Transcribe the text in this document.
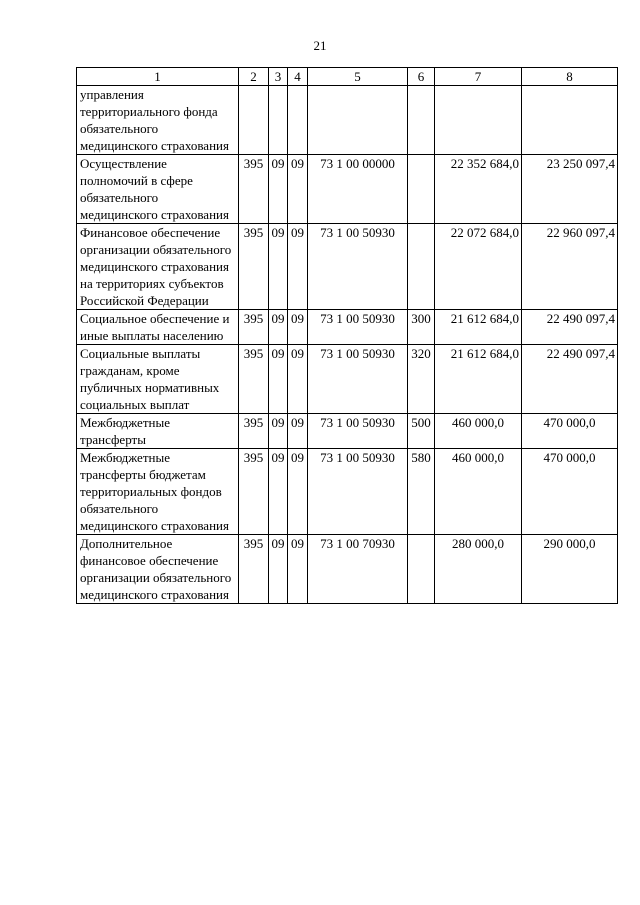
21
1	2	3	4	5	6	7	8
управления территориального фонда обязательного медицинского страхования							
Осуществление полномочий в сфере обязательного медицинского страхования	395	09	09	73 1 00 00000		22 352 684,0	23 250 097,4
Финансовое обеспечение организации обязательного медицинского страхования на территориях субъектов Российской Федерации	395	09	09	73 1 00 50930		22 072 684,0	22 960 097,4
Социальное обеспечение и иные выплаты населению	395	09	09	73 1 00 50930	300	21 612 684,0	22 490 097,4
Социальные выплаты гражданам, кроме публичных нормативных социальных выплат	395	09	09	73 1 00 50930	320	21 612 684,0	22 490 097,4
Межбюджетные трансферты	395	09	09	73 1 00 50930	500	460 000,0	470 000,0
Межбюджетные трансферты бюджетам территориальных фондов обязательного медицинского страхования	395	09	09	73 1 00 50930	580	460 000,0	470 000,0
Дополнительное финансовое обеспечение организации обязательного медицинского страхования	395	09	09	73 1 00 70930		280 000,0	290 000,0
